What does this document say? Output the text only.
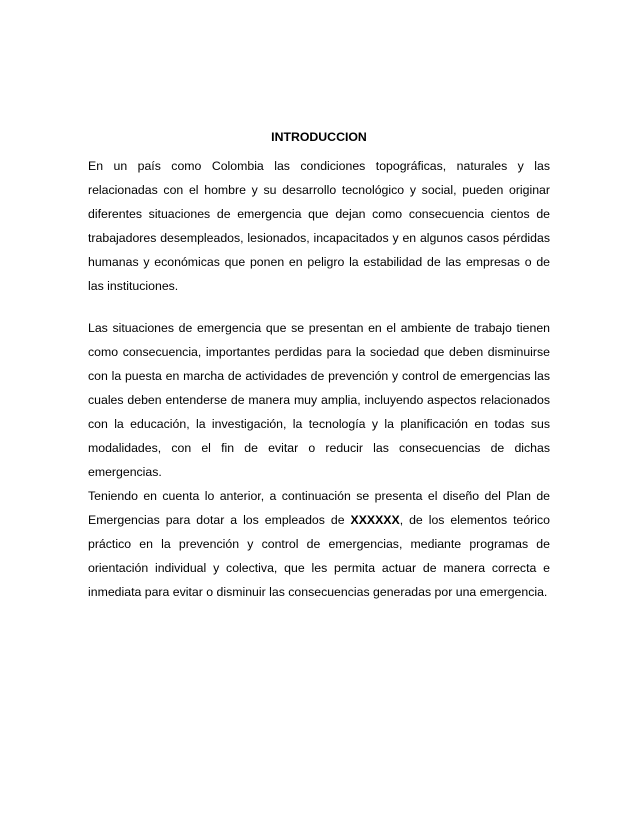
INTRODUCCION

En un país como Colombia las condiciones topográficas, naturales y las relacionadas con el hombre y su desarrollo tecnológico y social, pueden originar diferentes situaciones de emergencia que dejan como consecuencia cientos de trabajadores desempleados, lesionados, incapacitados y en algunos casos pérdidas humanas y económicas que ponen en peligro la estabilidad de las empresas o de las instituciones.

Las situaciones de emergencia que se presentan en el ambiente de trabajo tienen como consecuencia, importantes perdidas para la sociedad que deben disminuirse con la puesta en marcha de actividades de prevención y control de emergencias las cuales deben entenderse de manera muy amplia, incluyendo aspectos relacionados con la educación, la investigación, la tecnología y la planificación en todas sus modalidades, con el fin de evitar o reducir las consecuencias de dichas emergencias.

Teniendo en cuenta lo anterior, a continuación se presenta el diseño del Plan de Emergencias para dotar a los empleados de XXXXXX, de los elementos teórico práctico en la prevención y control de emergencias, mediante programas de orientación individual y colectiva, que les permita actuar de manera correcta e inmediata para evitar o disminuir las consecuencias generadas por una emergencia.
